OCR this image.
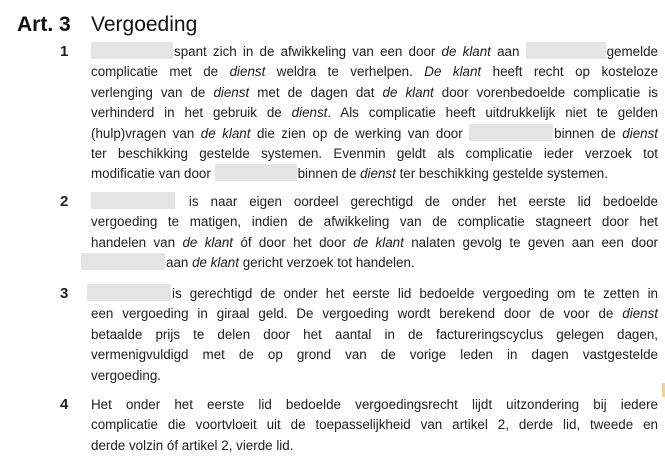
Art. 3 Vergoeding
1	spant zich in de afwikkeling van een door de klant aan	gemelde
complicatie met de dienst weldra te verhelpen. De klant heeft recht op kosteloze
verlenging van de dienst met de dagen dat de klant door vorenbedoelde complicatie is
verhinderd in het gebruik de dienst. Als complicatie heeft uitdrukkelijk niet te gelden
(hulp)vragen van de klant die zien op de werking van door	binnen de dienst
ter beschikking gestelde systemen. Evenmin geldt als complicatie ieder verzoek tot
modificatie van door	binnen de dienst ter beschikking gestelde systemen.
2	is naar eigen oordeel gerechtigd de onder het eerste lid bedoelde
vergoeding te matigen, indien de afwikkeling van de complicatie stagneert door het
handelen van de klant óf door het door de klant nalaten gevolg te geven aan een door
aan de klant gericht verzoek tot handelen.
3	is gerechtigd de onder het eerste lid bedoelde vergoeding om te zetten in
een vergoeding in giraal geld. De vergoeding wordt berekend door de voor de dienst
betaalde prijs te delen door het aantal in de factureringscyclus gelegen dagen,
vermenigvuldigd met de op grond van de vorige leden in dagen vastgestelde
vergoeding.
4	Het onder het eerste lid bedoelde vergoedingsrecht lijdt uitzondering bij iedere
complicatie die voortvloeit uit de toepasselijkheid van artikel 2, derde lid, tweede en
derde volzin óf artikel 2, vierde lid.
